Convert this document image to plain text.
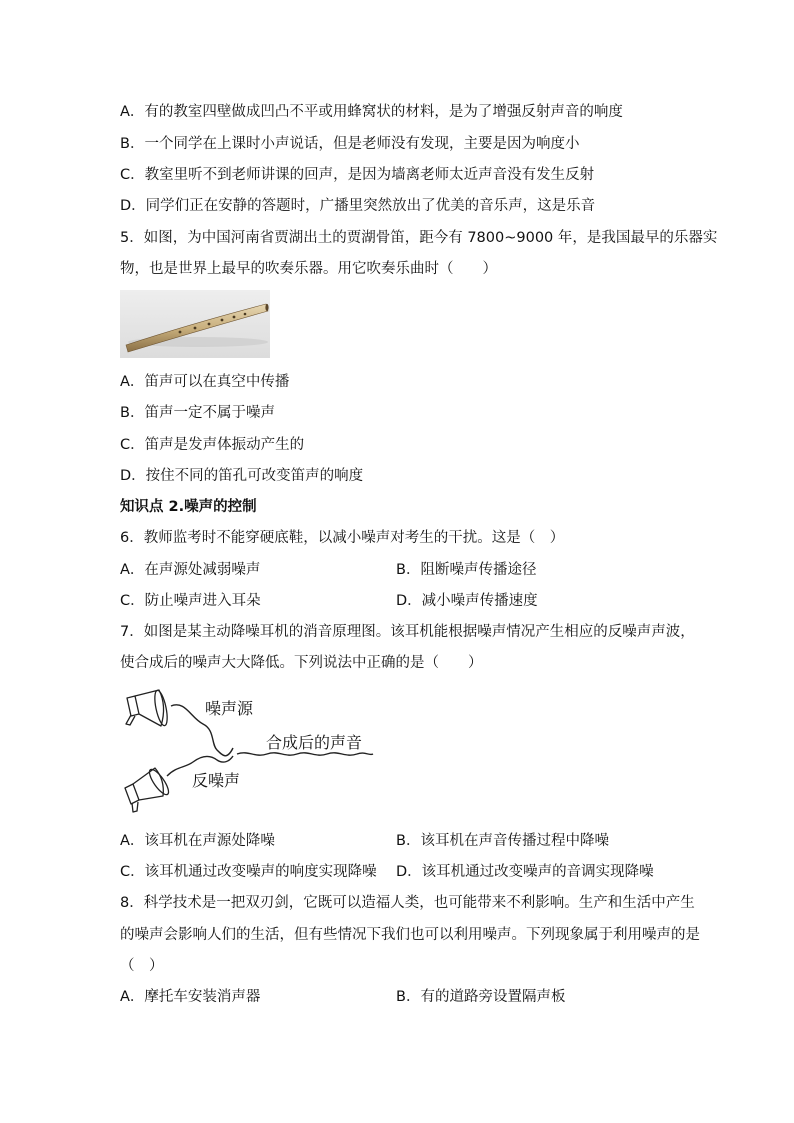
A．有的教室四壁做成凹凸不平或用蜂窝状的材料，是为了增强反射声音的响度
B．一个同学在上课时小声说话，但是老师没有发现，主要是因为响度小
C．教室里听不到老师讲课的回声，是因为墙离老师太近声音没有发生反射
D．同学们正在安静的答题时，广播里突然放出了优美的音乐声，这是乐音
5．如图，为中国河南省贾湖出土的贾湖骨笛，距今有 7800~9000 年，是我国最早的乐器实
物，也是世界上最早的吹奏乐器。用它吹奏乐曲时（　　）
A．笛声可以在真空中传播
B．笛声一定不属于噪声
C．笛声是发声体振动产生的
D．按住不同的笛孔可改变笛声的响度
知识点 2.噪声的控制
6．教师监考时不能穿硬底鞋，以减小噪声对考生的干扰。这是（　）
A．在声源处减弱噪声	B．阻断噪声传播途径
C．防止噪声进入耳朵	D．减小噪声传播速度
7．如图是某主动降噪耳机的消音原理图。该耳机能根据噪声情况产生相应的反噪声声波，
使合成后的噪声大大降低。下列说法中正确的是（　　）
噪声源
合成后的声音
反噪声
A．该耳机在声源处降噪	B．该耳机在声音传播过程中降噪
C．该耳机通过改变噪声的响度实现降噪 D．该耳机通过改变噪声的音调实现降噪
8．科学技术是一把双刃剑，它既可以造福人类，也可能带来不利影响。生产和生活中产生
的噪声会影响人们的生活，但有些情况下我们也可以利用噪声。下列现象属于利用噪声的是
（　）
A．摩托车安装消声器	B．有的道路旁设置隔声板
